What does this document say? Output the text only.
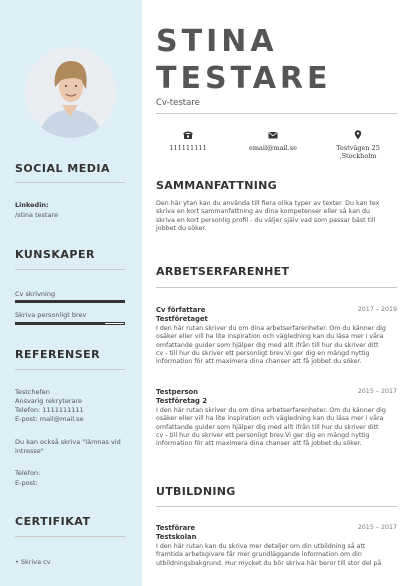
SOCIAL MEDIA
Linkedin:
/stina testare
KUNSKAPER
Cv skrivning
Skriva personligt brev
REFERENSER
Testchefen
Ansvarig rekryterare
Telefon: 1111111111
E-post: mail@mail.se
Du kan också skriva "lämnas vid
intresse"
Telefon:
E-post:
CERTIFIKAT
• Skriva cv
STINA
TESTARE
Cv-testare
111111111	email@mail.se	Testvägen 25
,Stockholm
SAMMANFATTNING
Den här ytan kan du använda till fiera olika typer av texter. Du kan tex
skriva en kort sammanfattning av dina kompetenser eller så kan du
skriva en kort personlig profil - du väljer själv vad som passar bäst till
jobbet du söker.
ARBETSERFARENHET
Cv författare	2017 – 2019
Testföretaget
I den här rutan skriver du om dina arbetserfarenheter. Om du känner dig
osäker eller vill ha lite inspiration och vägledning kan du läsa mer i våra
omfattande guider som hjälper dig med allt ifrån till hur du skriver ditt
cv - till hur du skriver ett personligt brev.Vi ger dig en mängd nyttig
information för att maximera dina chanser att få jobbet du söker.
Testperson	2015 – 2017
Testföretag 2
I den här rutan skriver du om dina arbetserfarenheter. Om du känner dig
osäker eller vill ha lite inspiration och vägledning kan du läsa mer i våra
omfattande guider som hjälper dig med allt ifrån till hur du skriver ditt
cv - till hur du skriver ett personligt brev.Vi ger dig en mängd nyttig
information för att maximera dina chanser att få jobbet du söker.
UTBILDNING
Testförare	2015 – 2017
Testskolan
I den här rutan kan du skriva mer detaljer om din utbildning så att
framtida arbetsgivare får mer grundläggande information om din
utbildningsbakgrund. Hur mycket du bör skriva här beror till stor del på
